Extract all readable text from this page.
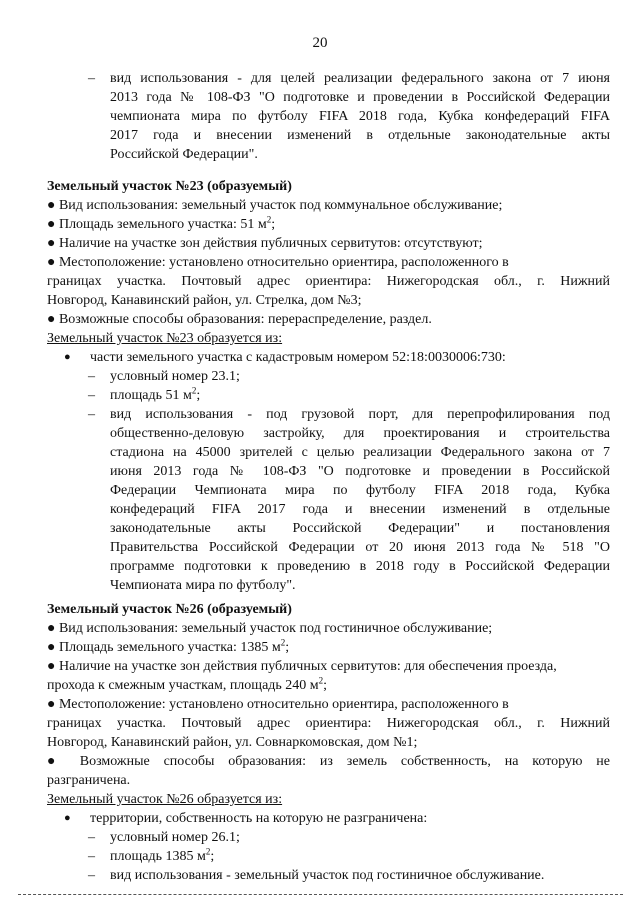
20
– вид использования - для целей реализации федерального закона от 7 июня
2013 года № 108-ФЗ "О подготовке и проведении в Российской Федерации
чемпионата мира по футболу FIFA 2018 года, Кубка конфедераций FIFA
2017 года и внесении изменений в отдельные законодательные акты
Российской Федерации".
Земельный участок №23 (образуемый)
● Вид использования: земельный участок под коммунальное обслуживание;
● Площадь земельного участка: 51 $м^2$;
● Наличие на участке зон действия публичных сервитутов: отсутствуют;
● Местоположение: установлено относительно ориентира, расположенного в
границах участка. Почтовый адрес ориентира: Нижегородская обл., г. Нижний
Новгород, Канавинский район, ул. Стрелка, дом №3;
● Возможные способы образования: перераспределение, раздел.
Земельный участок №23 образуется из:
● части земельного участка с кадастровым номером 52:18:0030006:730:
– условный номер 23.1;
– площадь 51 $м^2$;
– вид использования - под грузовой порт, для перепрофилирования под
общественно-деловую застройку, для проектирования и строительства
стадиона на 45000 зрителей с целью реализации Федерального закона от 7
июня 2013 года № 108-ФЗ "О подготовке и проведении в Российской
Федерации Чемпионата мира по футболу FIFA 2018 года, Кубка
конфедераций FIFA 2017 года и внесении изменений в отдельные
законодательные акты Российской Федерации" и постановления
Правительства Российской Федерации от 20 июня 2013 года № 518 "О
программе подготовки к проведению в 2018 году в Российской Федерации
Чемпионата мира по футболу".
Земельный участок №26 (образуемый)
● Вид использования: земельный участок под гостиничное обслуживание;
● Площадь земельного участка: 1385 $м^2$;
● Наличие на участке зон действия публичных сервитутов: для обеспечения проезда,
прохода к смежным участкам, площадь 240 $м^2$;
● Местоположение: установлено относительно ориентира, расположенного в
границах участка. Почтовый адрес ориентира: Нижегородская обл., г. Нижний
Новгород, Канавинский район, ул. Совнаркомовская, дом №1;
● Возможные способы образования: из земель собственность, на которую не
разграничена.
Земельный участок №26 образуется из:
● территории, собственность на которую не разграничена:
– условный номер 26.1;
– площадь 1385 $м^2$;
– вид использования - земельный участок под гостиничное обслуживание.
